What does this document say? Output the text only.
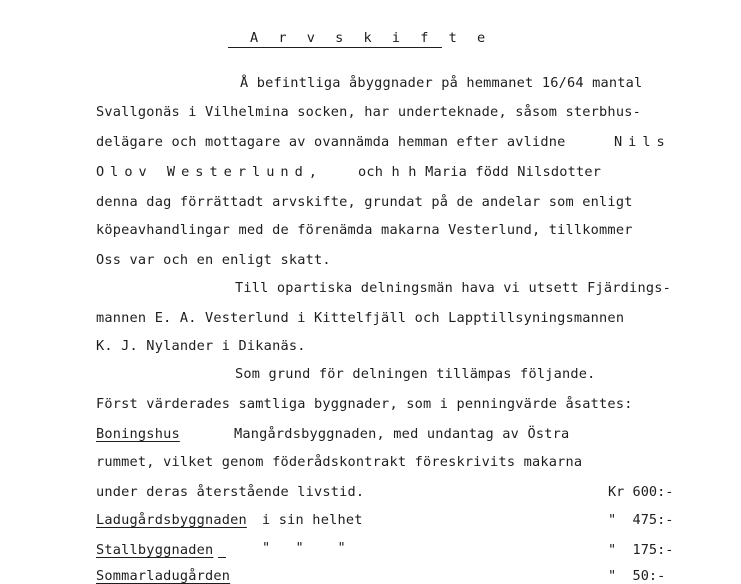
A r v s k i f t e
Å befintliga åbyggnader på hemmanet 16/64 mantal
Svallgonäs i Vilhelmina socken, har underteknade, såsom sterbhus-
delägare och mottagare av ovannämda hemman efter avlidne	Nils
Olov Westerlund,	och h h Maria född Nilsdotter
denna dag förrättadt arvskifte, grundat på de andelar som enligt
köpeavhandlingar med de förenämda makarna Vesterlund, tillkommer
Oss var och en enligt skatt.
Till opartiska delningsmän hava vi utsett Fjärdings-
mannen E. A. Vesterlund i Kittelfjäll och Lapptillsyningsmannen
K. J. Nylander i Dikanäs.
Som grund för delningen tillämpas följande.
Först värderades samtliga byggnader, som i penningvärde åsattes:
Boningshus	Mangårdsbyggnaden, med undantag av Östra
rummet, vilket genom föderådskontrakt föreskrivits makarna
under deras återstående livstid.	Kr 600:-
Ladugårdsbyggnaden i sin helhet	"  475:-
Stallbyggnaden	"   "    "	"  175:-
Sommarladugården	"  50:-
